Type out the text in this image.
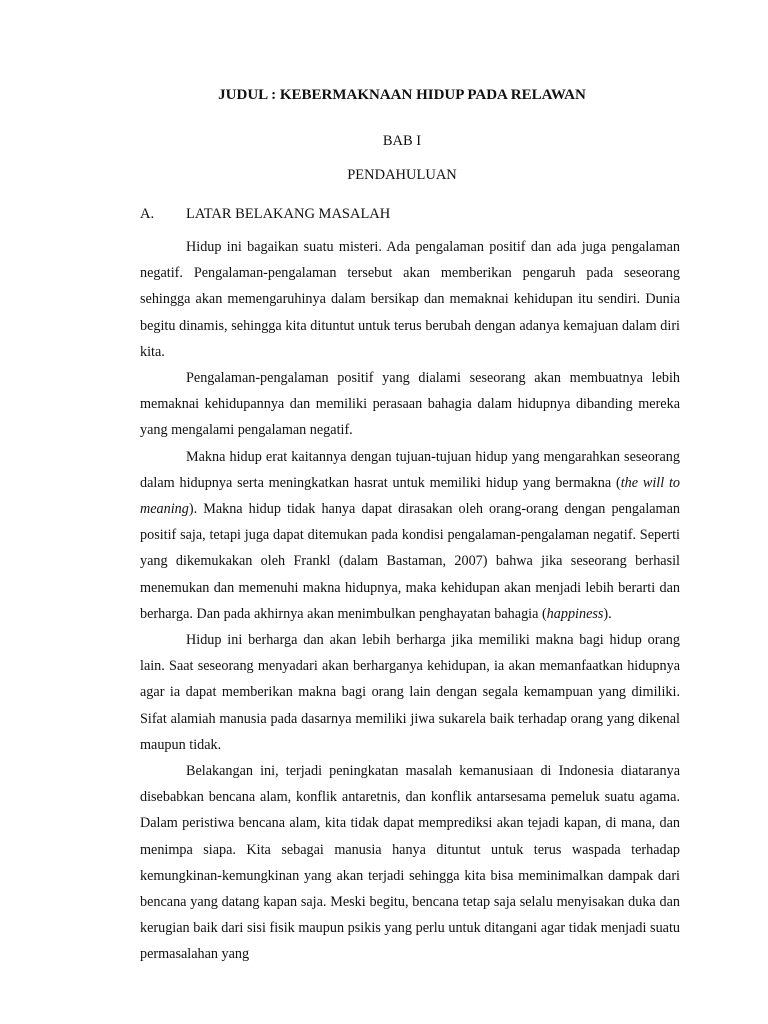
JUDUL : KEBERMAKNAAN HIDUP PADA RELAWAN
BAB I
PENDAHULUAN
A. LATAR BELAKANG MASALAH

Hidup ini bagaikan suatu misteri. Ada pengalaman positif dan ada juga pengalaman negatif. Pengalaman-pengalaman tersebut akan memberikan pengaruh pada seseorang sehingga akan memengaruhinya dalam bersikap dan memaknai kehidupan itu sendiri. Dunia begitu dinamis, sehingga kita dituntut untuk terus berubah dengan adanya kemajuan dalam diri kita.

Pengalaman-pengalaman positif yang dialami seseorang akan membuatnya lebih memaknai kehidupannya dan memiliki perasaan bahagia dalam hidupnya dibanding mereka yang mengalami pengalaman negatif.

Makna hidup erat kaitannya dengan tujuan-tujuan hidup yang mengarahkan seseorang dalam hidupnya serta meningkatkan hasrat untuk memiliki hidup yang bermakna (the will to meaning). Makna hidup tidak hanya dapat dirasakan oleh orang-orang dengan pengalaman positif saja, tetapi juga dapat ditemukan pada kondisi pengalaman-pengalaman negatif. Seperti yang dikemukakan oleh Frankl (dalam Bastaman, 2007) bahwa jika seseorang berhasil menemukan dan memenuhi makna hidupnya, maka kehidupan akan menjadi lebih berarti dan berharga. Dan pada akhirnya akan menimbulkan penghayatan bahagia (happiness).

Hidup ini berharga dan akan lebih berharga jika memiliki makna bagi hidup orang lain. Saat seseorang menyadari akan berharganya kehidupan, ia akan memanfaatkan hidupnya agar ia dapat memberikan makna bagi orang lain dengan segala kemampuan yang dimiliki. Sifat alamiah manusia pada dasarnya memiliki jiwa sukarela baik terhadap orang yang dikenal maupun tidak.

Belakangan ini, terjadi peningkatan masalah kemanusiaan di Indonesia diataranya disebabkan bencana alam, konflik antaretnis, dan konflik antarsesama pemeluk suatu agama. Dalam peristiwa bencana alam, kita tidak dapat memprediksi akan tejadi kapan, di mana, dan menimpa siapa. Kita sebagai manusia hanya dituntut untuk terus waspada terhadap kemungkinan-kemungkinan yang akan terjadi sehingga kita bisa meminimalkan dampak dari bencana yang datang kapan saja. Meski begitu, bencana tetap saja selalu menyisakan duka dan kerugian baik dari sisi fisik maupun psikis yang perlu untuk ditangani agar tidak menjadi suatu permasalahan yang
